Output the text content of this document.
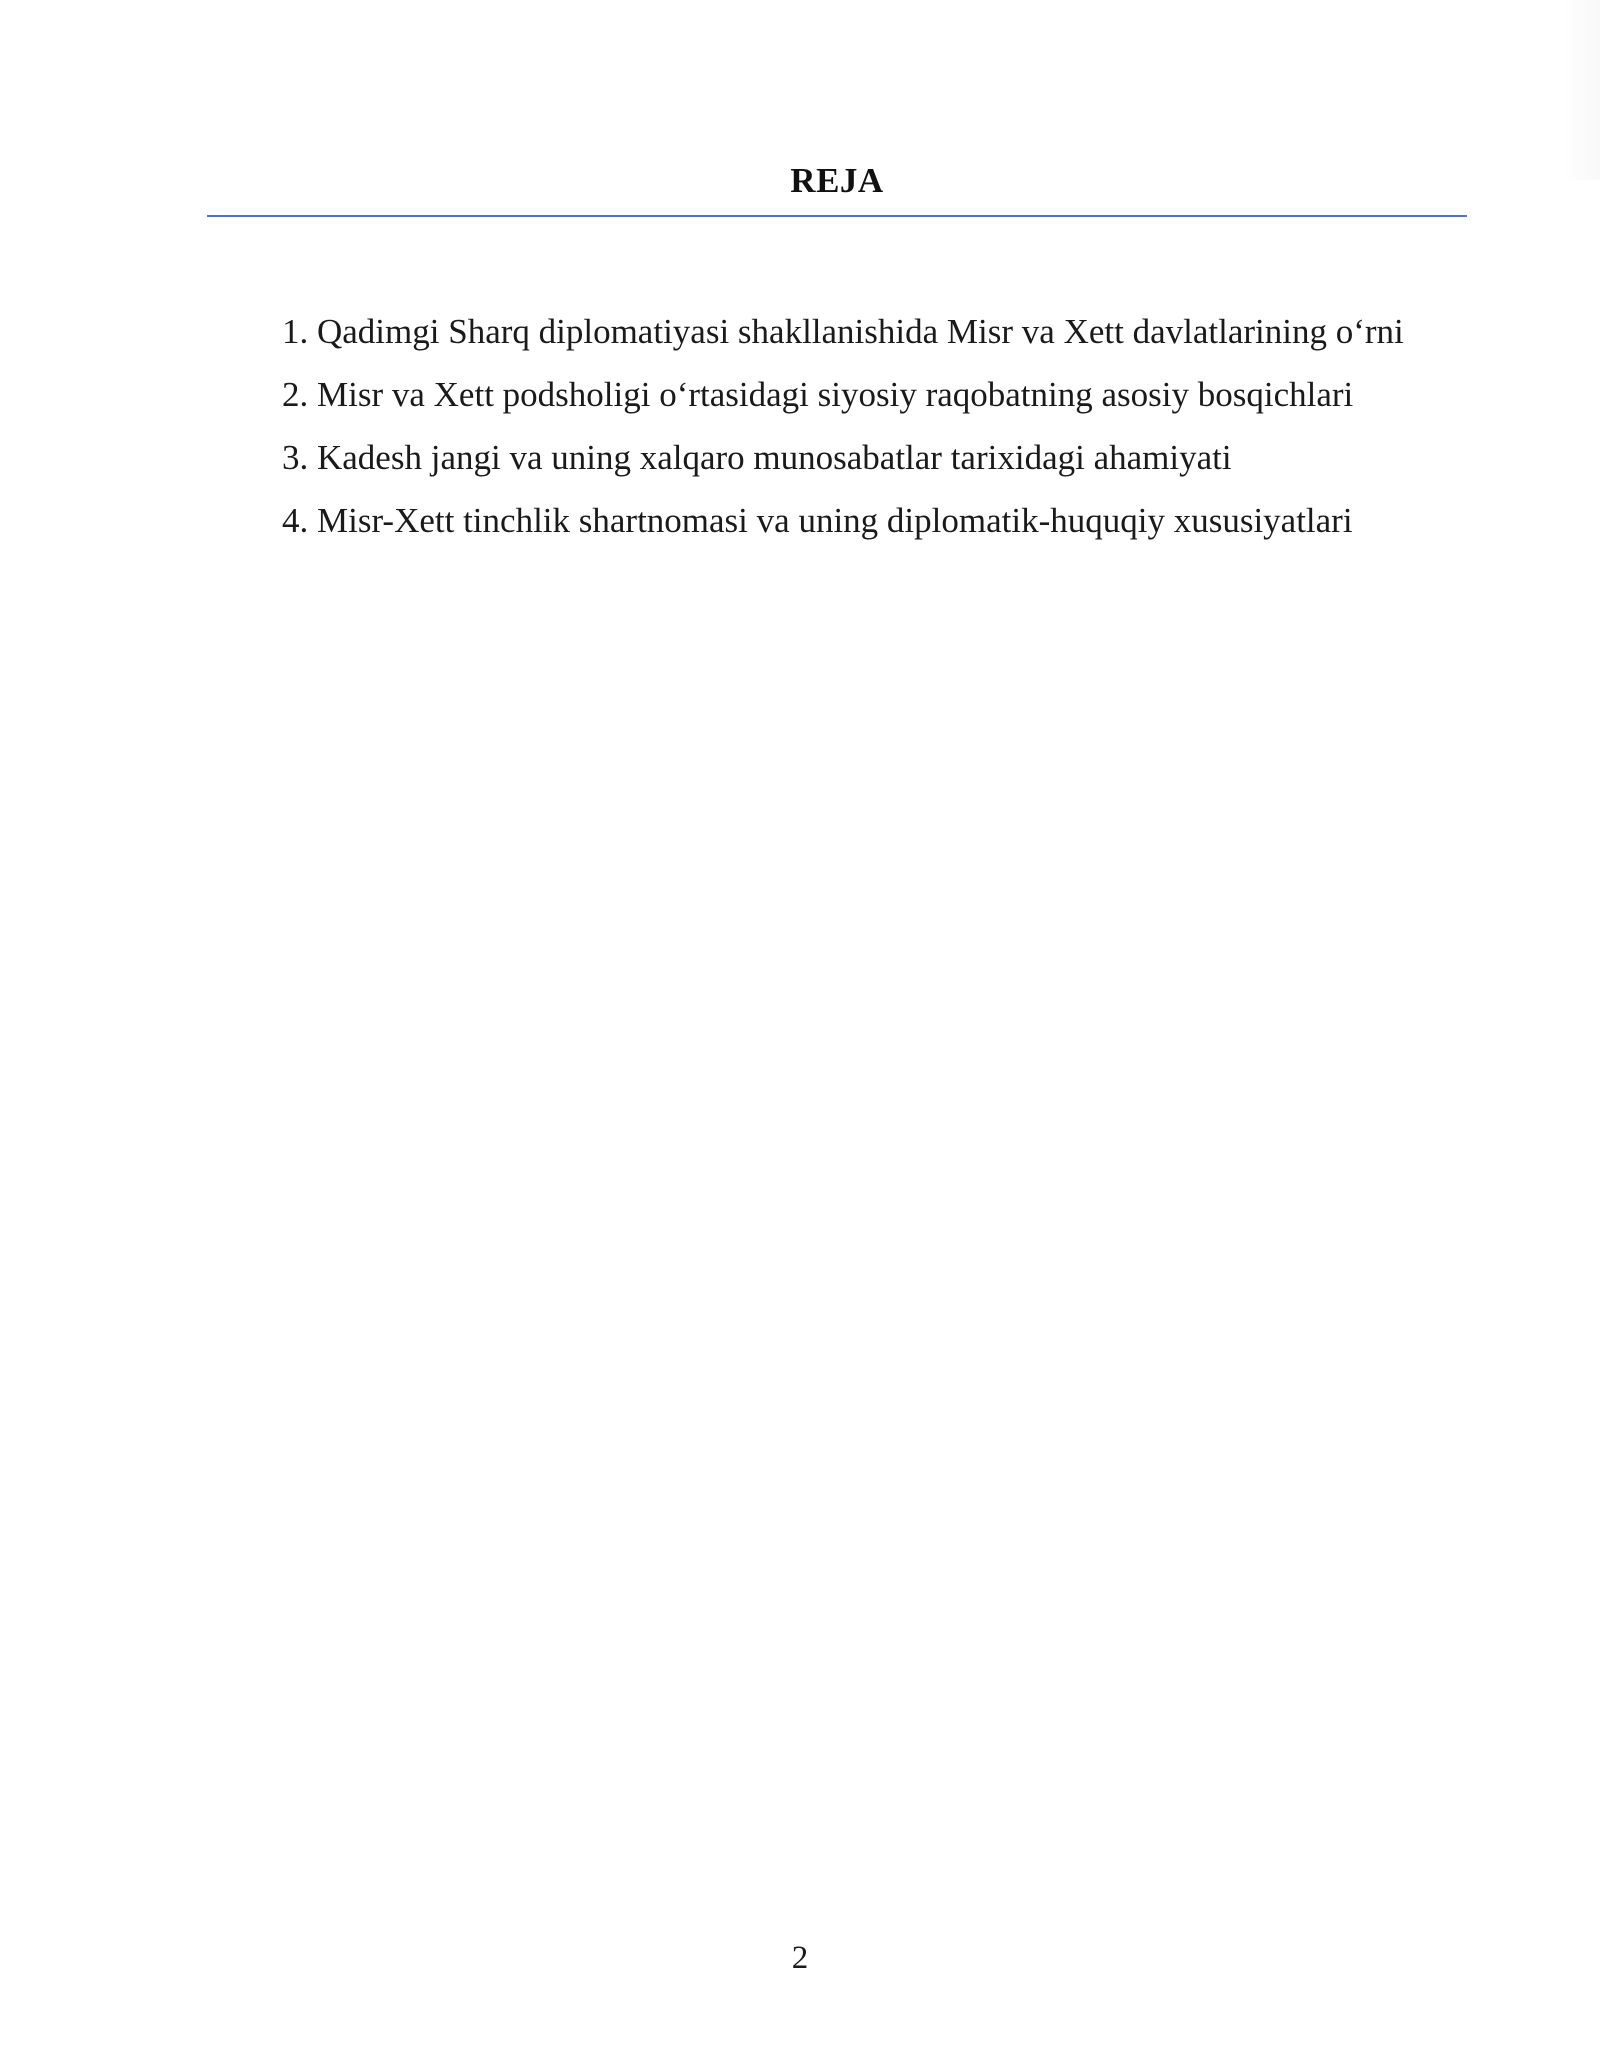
REJA
1. Qadimgi Sharq diplomatiyasi shakllanishida Misr va Xett davlatlarining o‘rni
2. Misr va Xett podsholigi o‘rtasidagi siyosiy raqobatning asosiy bosqichlari
3. Kadesh jangi va uning xalqaro munosabatlar tarixidagi ahamiyati
4. Misr-Xett tinchlik shartnomasi va uning diplomatik-huquqiy xususiyatlari
2
